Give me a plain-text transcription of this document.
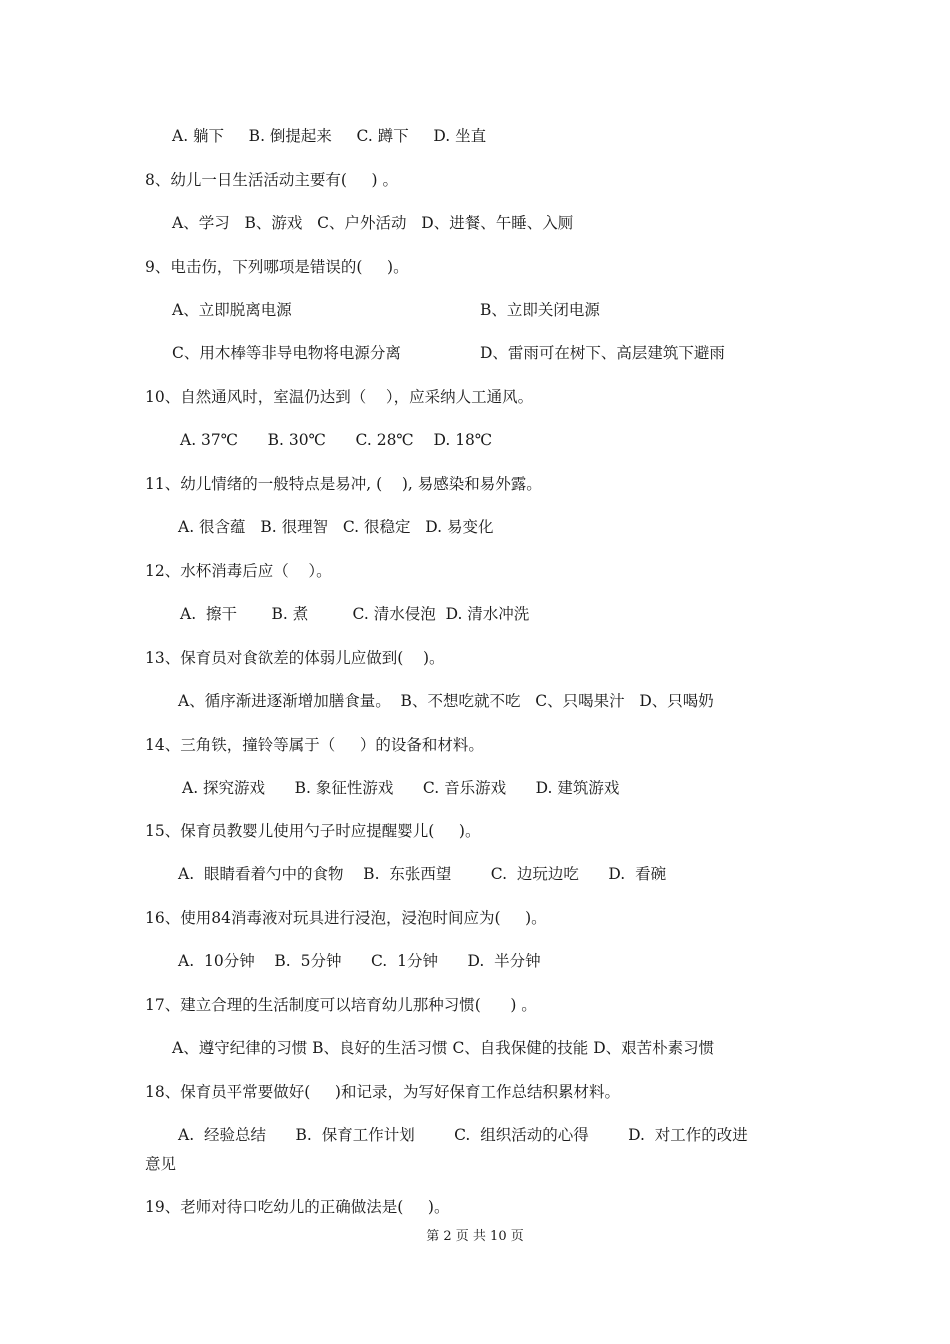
A. 躺下     B. 倒提起来     C. 蹲下     D. 坐直

8、幼儿一日生活活动主要有(     ) 。

A、学习   B、游戏   C、户外活动   D、进餐、午睡、入厕

9、电击伤，下列哪项是错误的(     )。

A、立即脱离电源	B、立即关闭电源

C、用木棒等非导电物将电源分离	D、雷雨可在树下、高层建筑下避雨

10、自然通风时，室温仍达到（    ），应采纳人工通风。

A. 37℃      B. 30℃      C. 28℃    D. 18℃

11、幼儿情绪的一般特点是易冲, (    ), 易感染和易外露。

A. 很含蕴   B. 很理智   C. 很稳定   D. 易变化

12、水杯消毒后应（    ）。

A.  擦干       B. 煮         C. 清水侵泡  D. 清水冲洗

13、保育员对食欲差的体弱儿应做到(    )。

A、循序渐进逐渐增加膳食量。  B、不想吃就不吃   C、只喝果汁   D、只喝奶

14、三角铁，撞铃等属于（     ）的设备和材料。

A. 探究游戏      B. 象征性游戏      C. 音乐游戏      D. 建筑游戏

15、保育员教婴儿使用勺子时应提醒婴儿(     )。

A.  眼睛看着勺中的食物    B.  东张西望        C.  边玩边吃      D.  看碗

16、使用84消毒液对玩具进行浸泡，浸泡时间应为(     )。

A.  10分钟    B.  5分钟      C.  1分钟      D.  半分钟

17、建立合理的生活制度可以培育幼儿那种习惯(      ) 。

A、遵守纪律的习惯 B、良好的生活习惯 C、自我保健的技能 D、艰苦朴素习惯

18、保育员平常要做好(     )和记录，为写好保育工作总结积累材料。

A.  经验总结      B.  保育工作计划        C.  组织活动的心得        D.  对工作的改进

意见

19、老师对待口吃幼儿的正确做法是(     )。

第 2 页 共 10 页
